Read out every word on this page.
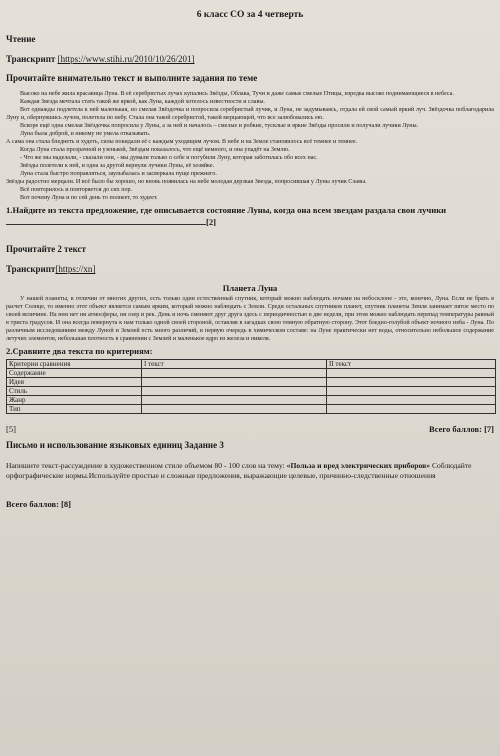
6 класс СО за 4 четверть

Чтение

Транскрипт [https://www.stihi.ru/2010/10/26/201]

Прочитайте внимательно текст и выполните задания по теме

Высоко на небе жила красавица Луна. В её серебристых лучах купались Звёзды, Облака, Тучи и даже самые смелые Птицы, изредка высоко поднимающиеся в небеса.

Каждая Звезда мечтала стать такой же яркой, как Луна, каждой хотелось известности и славы.

Вот однажды подлетела к ней маленькая, но смелая Звёздочка и попросила серебристый лучик, и Луна, не задумываясь, отдала ей свой самый яркий луч. Звёздочка поблагодарила Луну и, обернувшись лучом, полетела по небу. Стала она такой серебристой, такой мерцающей, что все залюбовались ею.

Вскоре ещё одна смелая Звёздочка попросила у Луны, а за ней и началось – смелые и робкие, тусклые и яркие Звёзды просили и получали лучики Луны.

Луна была доброй, и никому не умела отказывать.

А сама она стала бледнеть и худеть, силы покидали её с каждым уходящим лучом. В небе и на Земле становилось всё темнее и темнее.

Когда Луна стала прозрачной и узенькой, Звёздам показалось, что ещё немного, и она упадёт на Землю.

- Что же мы наделали, - сказали они, - мы думали только о себе и погубили Луну, которая заботилась обо всех нас.

Звёзды полетели к ней, и одна за другой вернули лучики Луны, её хозяйке.

Луна стала быстро поправляться, заулыбалась и засверкала пуще прежнего.

Звёзды радостно мерцали. И всё было бы хорошо, но вновь появилась на небе молодая дерзкая Звезда, попросившая у Луны лучик Славы.

Всё повторилось и повторяется до сих пор.

Вот почему Луна и по сей день то полнеет, то худеет.

1.Найдите из текста предложение, где описывается состояние Луны, когда она всем звездам раздала свои лучики [2]

Прочитайте 2 текст

Транскрипт[https://xn]

Планета Луна

У нашей планеты, в отличии от многих других, есть только один естественный спутник, который можно наблюдать ночами на небосклоне - это, конечно, Луна. Если не брать в расчет Солнце, то именно этот объект является самым ярким, который можно наблюдать с Земли. Среди остальных спутников планет, спутник планеты Земля занимает пятое место по своей величине. На нем нет ни атмосферы, ни озер и рек. День и ночь сменяют друг друга здесь с периодичностью в две недели, при этом можно наблюдать перепад температуры равный в триста градусов. И она всегда повернута к нам только одной своей стороной, оставляя в загадках свою темную обратную сторону. Этот бледно-голубой объект ночного неба - Луна. По различным исследованиям между Луной и Землей есть много различий, в первую очередь в химическом составе: на Луне практически нет воды, относительно небольшое содержание летучих элементов, небольшая плотность в сравнении с Землей и маленькое ядро из железа и никеля.

2.Сравните два текста по критериям:

Критерии сравнения	I текст	II текст
Содержание		
Идея		
Стиль		
Жанр		
Тип		
[5]	Всего баллов: [7]

Письмо и использование языковых единиц Задание 3

Напишите текст-рассуждение в художественном стиле объемом 80 - 100 слов на тему: «Польза и вред электрических приборов» Соблюдайте орфографические нормы.Используйте простые и сложные предложения, выражающие целевые, причинно-следственные отношения

Всего баллов: [8]
